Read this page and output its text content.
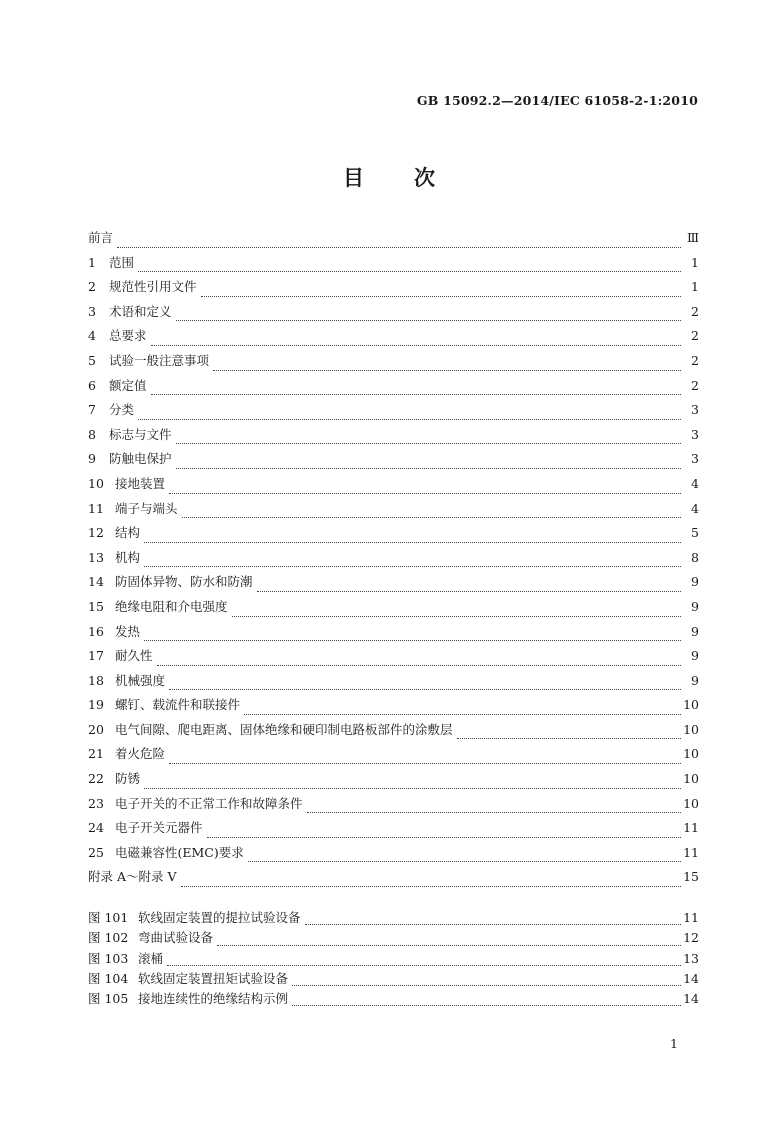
GB 15092.2—2014/IEC 61058-2-1:2010
目次
前言	Ⅲ
1	范围	1
2	规范性引用文件	1
3	术语和定义	2
4	总要求	2
5	试验一般注意事项	2
6	额定值	2
7	分类	3
8	标志与文件	3
9	防触电保护	3
10 接地装置	4
11 端子与端头	4
12 结构	5
13 机构	8
14 防固体异物、防水和防潮	9
15 绝缘电阻和介电强度	9
16 发热	9
17 耐久性	9
18 机械强度	9
19 螺钉、载流件和联接件	10
20 电气间隙、爬电距离、固体绝缘和硬印制电路板部件的涂敷层	10
21 着火危险	10
22 防锈	10
23 电子开关的不正常工作和故障条件	10
24 电子开关元器件	11
25 电磁兼容性(EMC)要求	11
附录 A～附录 V	15
图 101 软线固定装置的提拉试验设备	11
图 102 弯曲试验设备	12
图 103 滚桶	13
图 104 软线固定装置扭矩试验设备	14
图 105 接地连续性的绝缘结构示例	14
1
